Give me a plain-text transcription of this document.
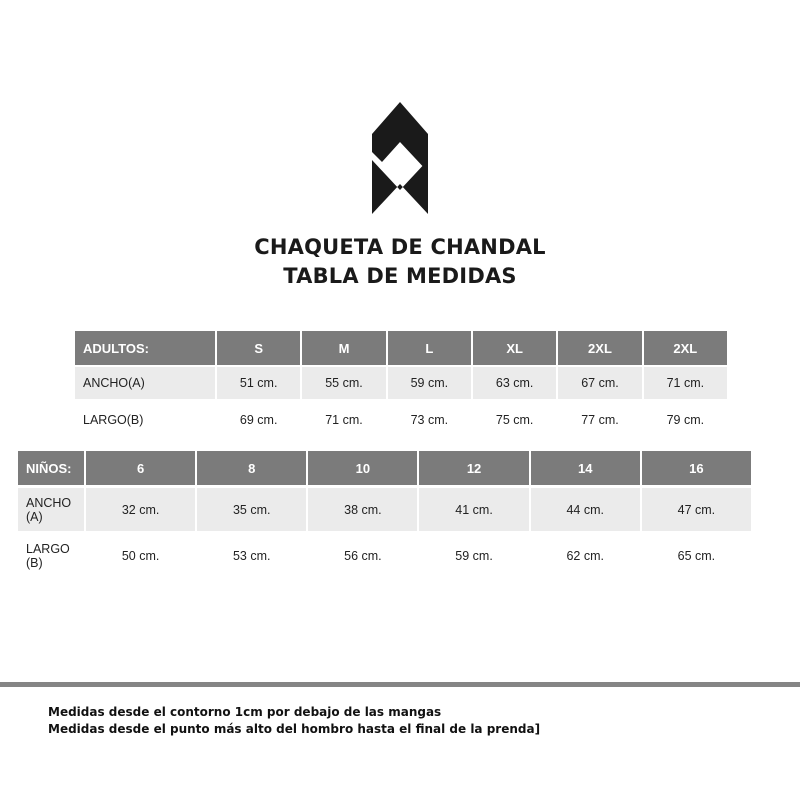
CHAQUETA DE CHANDAL
TABLA DE MEDIDAS
ADULTOS:	S	M	L	XL	2XL	2XL
ANCHO(A)	51 cm.	55 cm.	59 cm.	63 cm.	67 cm.	71 cm.
LARGO(B)	69 cm.	71 cm.	73 cm.	75 cm.	77 cm.	79 cm.
NIÑOS:	6	8	10	12	14	16
ANCHO (A)	32 cm.	35 cm.	38 cm.	41 cm.	44 cm.	47 cm.
LARGO (B)	50 cm.	53 cm.	56 cm.	59 cm.	62 cm.	65 cm.
Medidas desde el contorno 1cm por debajo de las mangas
Medidas desde el punto más alto del hombro hasta el final de la prenda]
